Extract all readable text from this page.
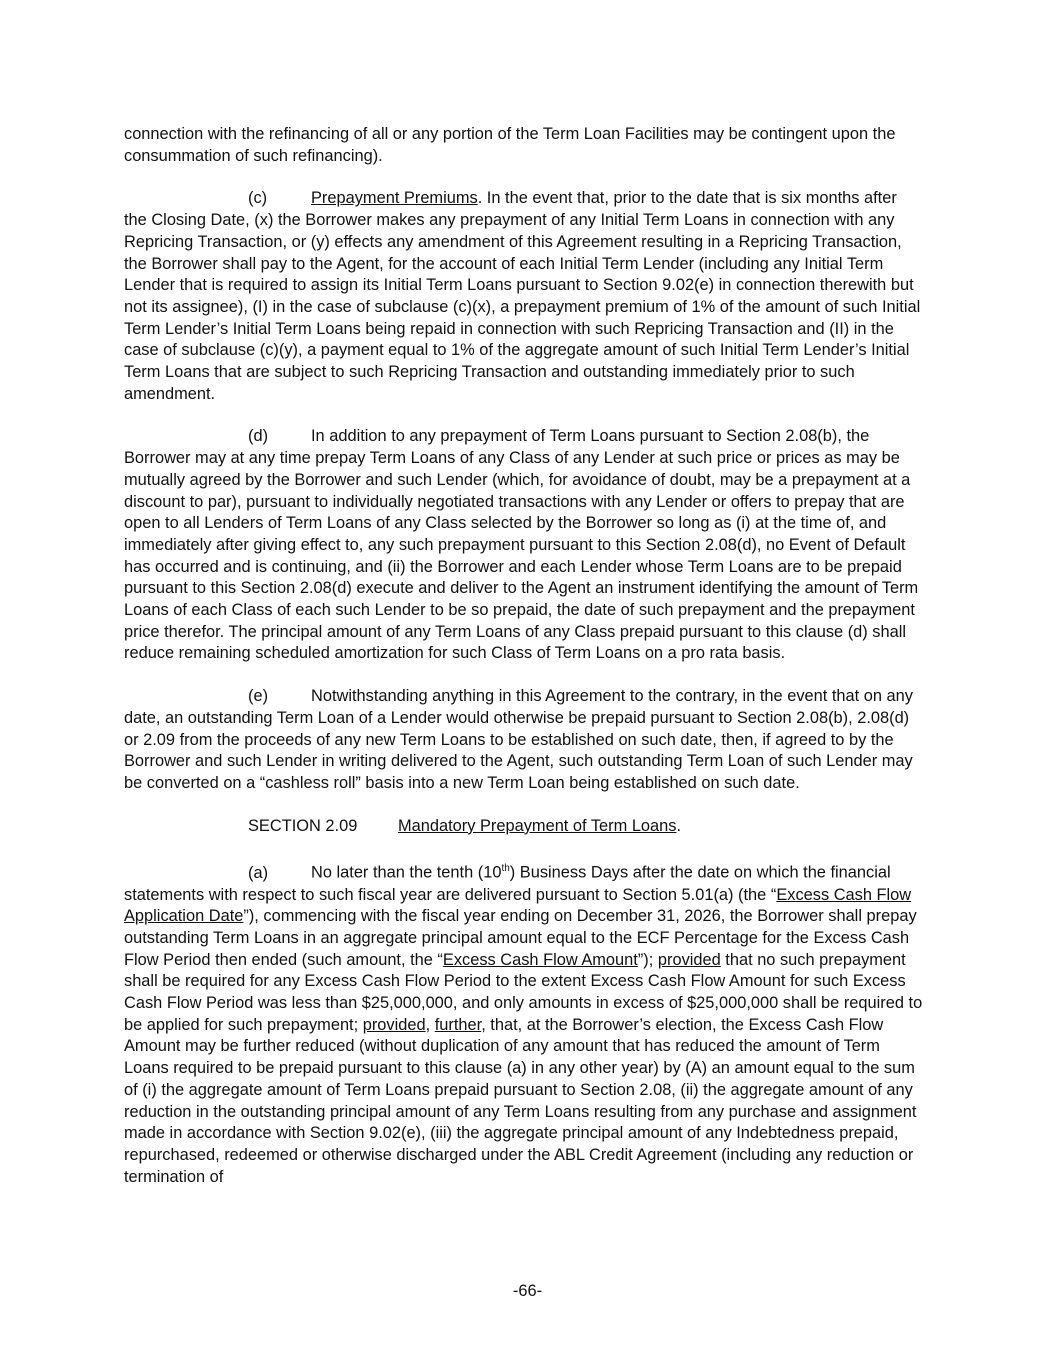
connection with the refinancing of all or any portion of the Term Loan Facilities may be contingent upon the consummation of such refinancing).

(c)	Prepayment Premiums. In the event that, prior to the date that is six months after the Closing Date, (x) the Borrower makes any prepayment of any Initial Term Loans in connection with any Repricing Transaction, or (y) effects any amendment of this Agreement resulting in a Repricing Transaction, the Borrower shall pay to the Agent, for the account of each Initial Term Lender (including any Initial Term Lender that is required to assign its Initial Term Loans pursuant to Section 9.02(e) in connection therewith but not its assignee), (I) in the case of subclause (c)(x), a prepayment premium of 1% of the amount of such Initial Term Lender’s Initial Term Loans being repaid in connection with such Repricing Transaction and (II) in the case of subclause (c)(y), a payment equal to 1% of the aggregate amount of such Initial Term Lender’s Initial Term Loans that are subject to such Repricing Transaction and outstanding immediately prior to such amendment.

(d)	In addition to any prepayment of Term Loans pursuant to Section 2.08(b), the Borrower may at any time prepay Term Loans of any Class of any Lender at such price or prices as may be mutually agreed by the Borrower and such Lender (which, for avoidance of doubt, may be a prepayment at a discount to par), pursuant to individually negotiated transactions with any Lender or offers to prepay that are open to all Lenders of Term Loans of any Class selected by the Borrower so long as (i) at the time of, and immediately after giving effect to, any such prepayment pursuant to this Section 2.08(d), no Event of Default has occurred and is continuing, and (ii) the Borrower and each Lender whose Term Loans are to be prepaid pursuant to this Section 2.08(d) execute and deliver to the Agent an instrument identifying the amount of Term Loans of each Class of each such Lender to be so prepaid, the date of such prepayment and the prepayment price therefor. The principal amount of any Term Loans of any Class prepaid pursuant to this clause (d) shall reduce remaining scheduled amortization for such Class of Term Loans on a pro rata basis.

(e)	Notwithstanding anything in this Agreement to the contrary, in the event that on any date, an outstanding Term Loan of a Lender would otherwise be prepaid pursuant to Section 2.08(b), 2.08(d) or 2.09 from the proceeds of any new Term Loans to be established on such date, then, if agreed to by the Borrower and such Lender in writing delivered to the Agent, such outstanding Term Loan of such Lender may be converted on a “cashless roll” basis into a new Term Loan being established on such date.

SECTION 2.09 Mandatory Prepayment of Term Loans.

(a)	No later than the tenth (10th) Business Days after the date on which the financial statements with respect to such fiscal year are delivered pursuant to Section 5.01(a) (the “Excess Cash Flow Application Date”), commencing with the fiscal year ending on December 31, 2026, the Borrower shall prepay outstanding Term Loans in an aggregate principal amount equal to the ECF Percentage for the Excess Cash Flow Period then ended (such amount, the “Excess Cash Flow Amount”); provided that no such prepayment shall be required for any Excess Cash Flow Period to the extent Excess Cash Flow Amount for such Excess Cash Flow Period was less than $25,000,000, and only amounts in excess of $25,000,000 shall be required to be applied for such prepayment; provided, further, that, at the Borrower’s election, the Excess Cash Flow Amount may be further reduced (without duplication of any amount that has reduced the amount of Term Loans required to be prepaid pursuant to this clause (a) in any other year) by (A) an amount equal to the sum of (i) the aggregate amount of Term Loans prepaid pursuant to Section 2.08, (ii) the aggregate amount of any reduction in the outstanding principal amount of any Term Loans resulting from any purchase and assignment made in accordance with Section 9.02(e), (iii) the aggregate principal amount of any Indebtedness prepaid, repurchased, redeemed or otherwise discharged under the ABL Credit Agreement (including any reduction or termination of

-66-
